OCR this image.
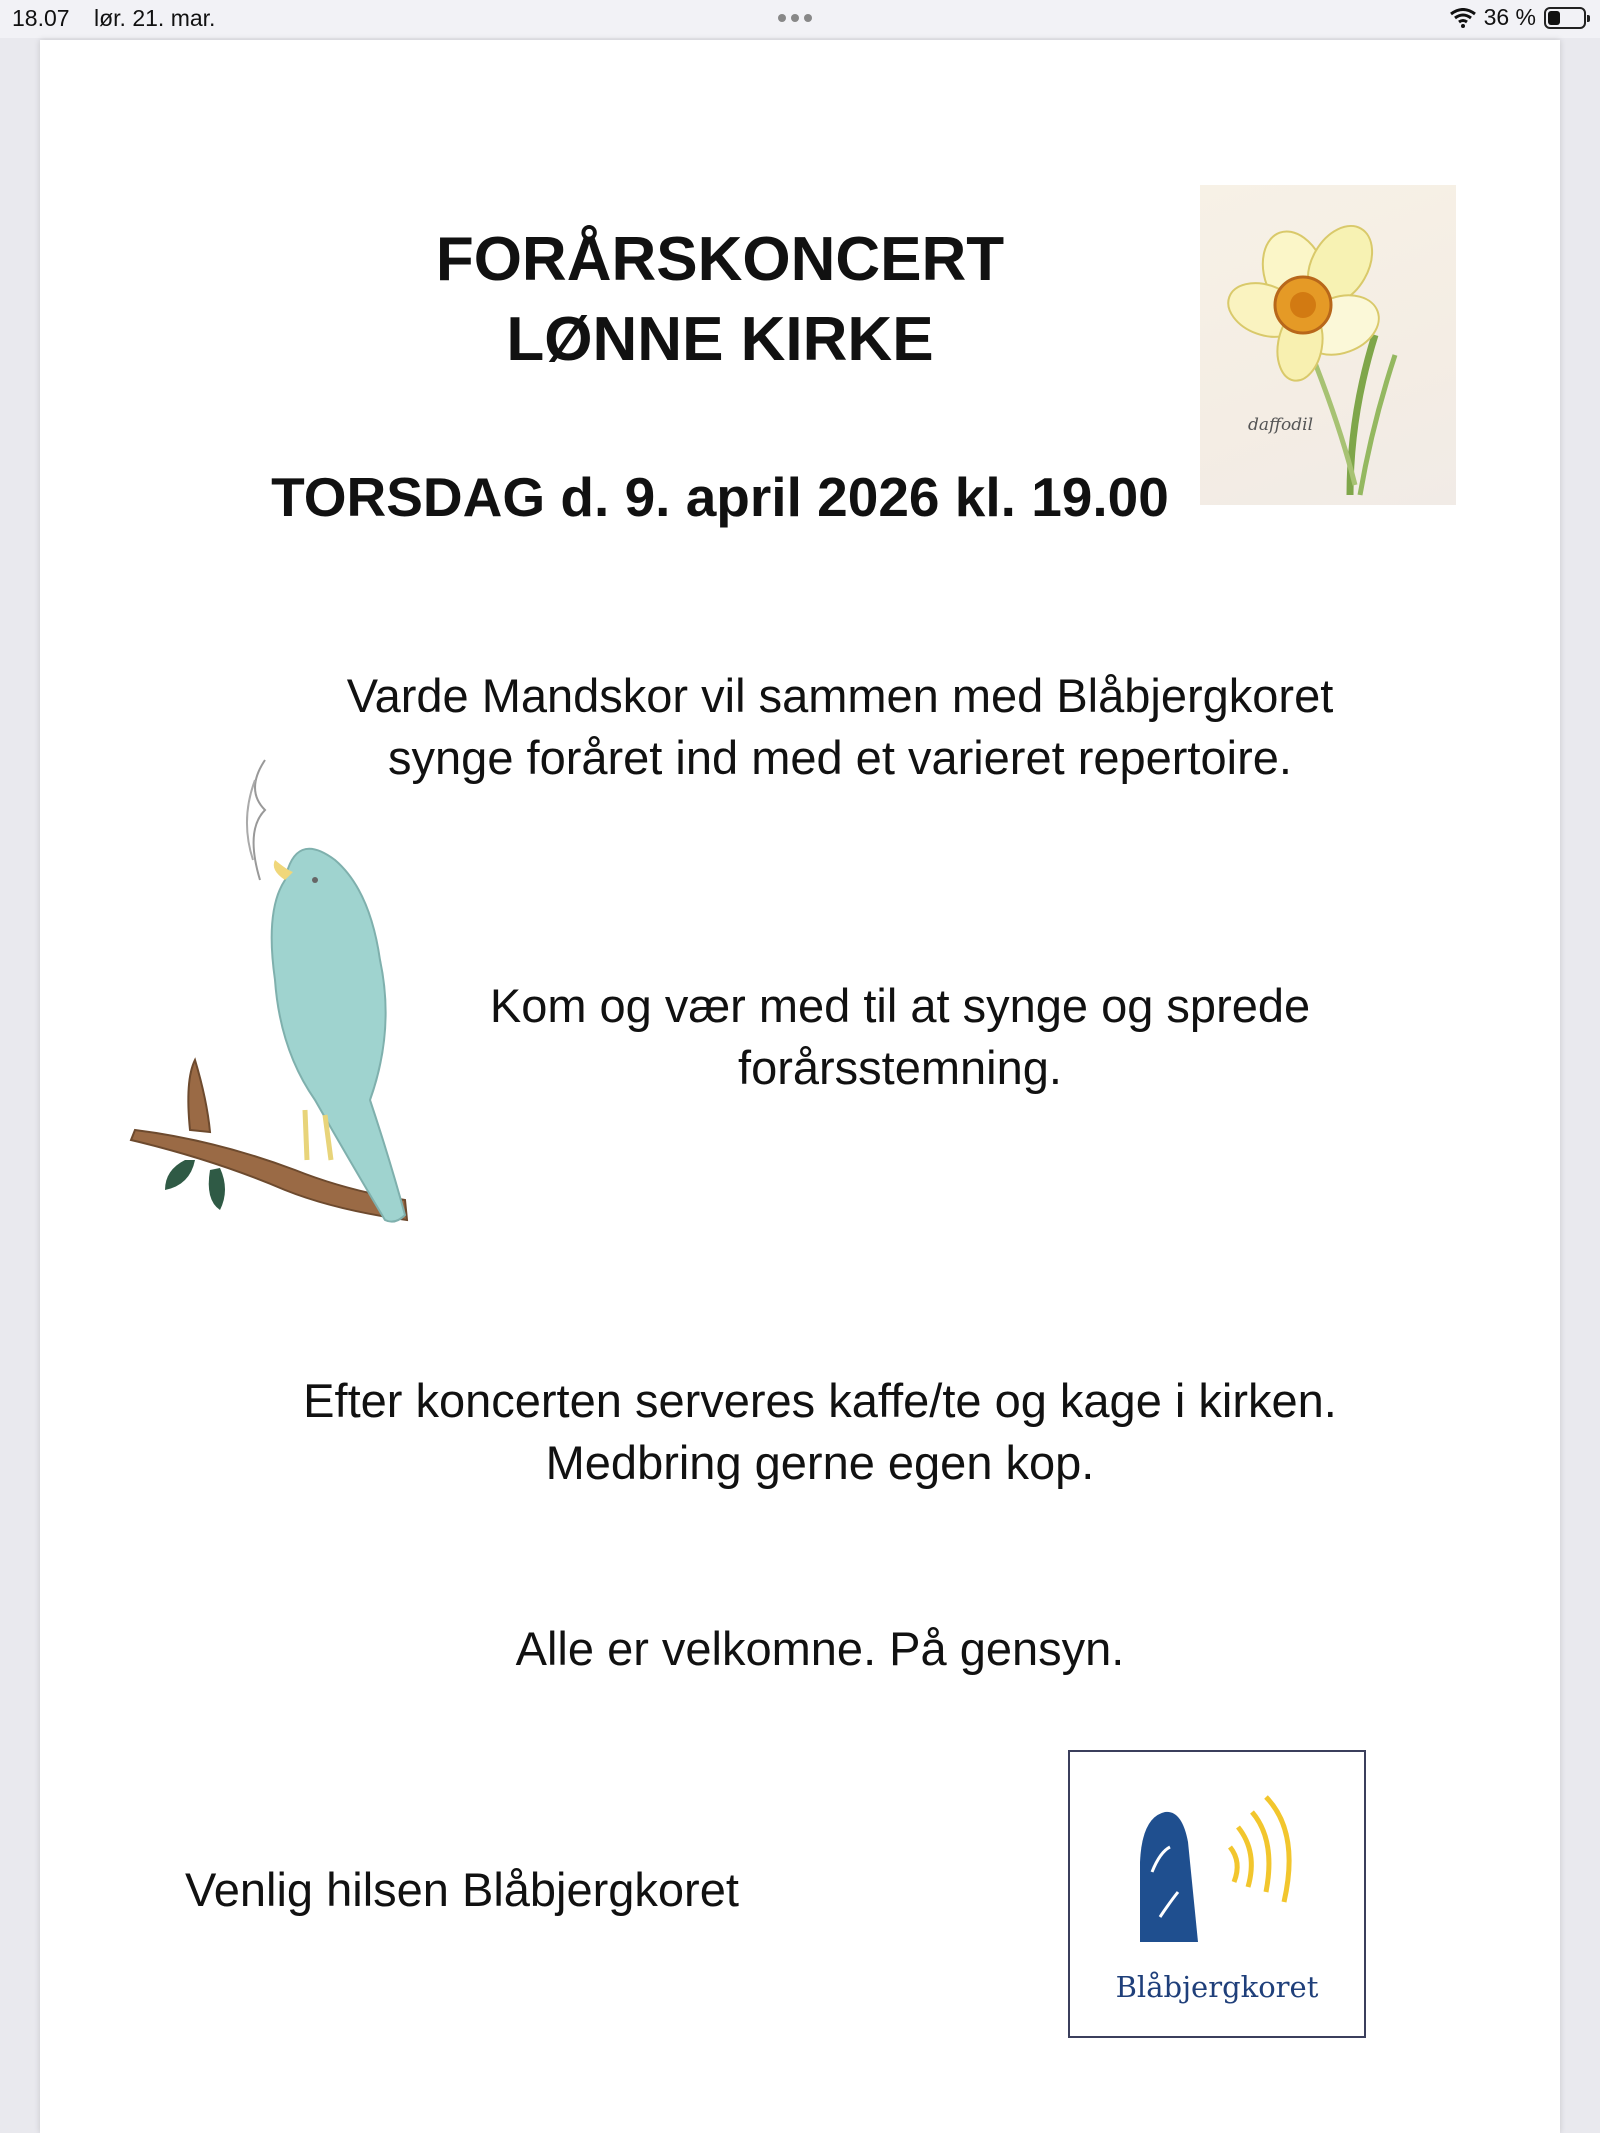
18.07 lør. 21. mar.	36 %
FORÅRSKONCERT
LØNNE KIRKE
TORSDAG d. 9. april 2026 kl. 19.00
daffodil
Varde Mandskor vil sammen med Blåbjergkoret
synge foråret ind med et varieret repertoire.
Kom og vær med til at synge og sprede
forårsstemning.
Efter koncerten serveres kaffe/te og kage i kirken.
Medbring gerne egen kop.
Alle er velkomne. På gensyn.
Venlig hilsen Blåbjergkoret
Blåbjergkoret
